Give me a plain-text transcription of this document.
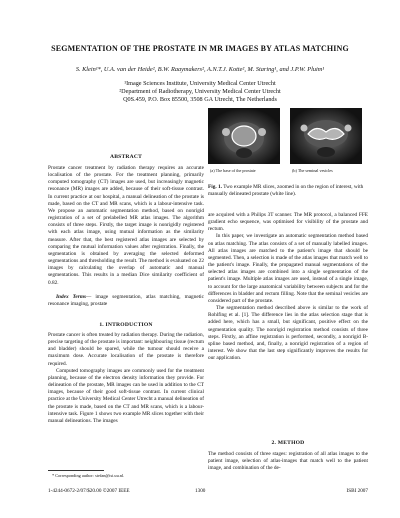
SEGMENTATION OF THE PROSTATE IN MR IMAGES BY ATLAS MATCHING
S. Klein¹*, U.A. van der Heide², B.W. Raaymakers², A.N.T.J. Kotte², M. Staring¹, and J.P.W. Pluim¹
¹Image Sciences Institute, University Medical Center Utrecht
²Department of Radiotherapy, University Medical Center Utrecht
Q0S.459, P.O. Box 85500, 3508 GA Utrecht, The Netherlands
ABSTRACT

Prostate cancer treatment by radiation therapy requires an accurate localisation of the prostate. For the treatment planning, primarily computed tomography (CT) images are used, but increasingly magnetic resonance (MR) images are added, because of their soft-tissue contrast. In current practice at our hospital, a manual delineation of the prostate is made, based on the CT and MR scans, which is a labour-intensive task. We propose an automatic segmentation method, based on nonrigid registration of a set of prelabelled MR atlas images. The algorithm consists of three steps. Firstly, the target image is nonrigidly registered with each atlas image, using mutual information as the similarity measure. After that, the best registered atlas images are selected by comparing the mutual information values after registration. Finally, the segmentation is obtained by averaging the selected deformed segmentations and thresholding the result. The method is evaluated on 22 images by calculating the overlap of automatic and manual segmentations. This results in a median Dice similarity coefficient of 0.82.

Index Terms— image segmentation, atlas matching, magnetic resonance imaging, prostate

1. INTRODUCTION

Prostate cancer is often treated by radiation therapy. During the radiation, precise targeting of the prostate is important: neighbouring tissue (rectum and bladder) should be spared, while the tumour should receive a maximum dose. Accurate localisation of the prostate is therefore required.

Computed tomography images are commonly used for the treatment planning, because of the electron density information they provide. For delineation of the prostate, MR images can be used in addition to the CT images, because of their good soft-tissue contrast. In current clinical practice at the University Medical Center Utrecht a manual delineation of the prostate is made, based on the CT and MR scans, which is a labour-intensive task. Figure 1 shows two example MR slices together with their manual delineations. The images

* Corresponding author: stefan@isi.uu.nl.
(a) The base of the prostate	(b) The seminal vesicles
Fig. 1. Two example MR slices, zoomed in on the region of interest, with manually delineated prostate (white line).

are acquired with a Philips 3T scanner. The MR protocol, a balanced FFE gradient echo sequence, was optimised for visibility of the prostate and rectum.

In this paper, we investigate an automatic segmentation method based on atlas matching. The atlas consists of a set of manually labelled images. All atlas images are matched to the patient's image that should be segmented. Then, a selection is made of the atlas images that match well to the patient's image. Finally, the propagated manual segmentations of the selected atlas images are combined into a single segmentation of the patient's image. Multiple atlas images are used, instead of a single image, to account for the large anatomical variability between subjects and for the differences in bladder and rectum filling. Note that the seminal vesicles are considered part of the prostate.

The segmentation method described above is similar to the work of Rohlfing et al. [1]. The difference lies in the atlas selection stage that is added here, which has a small, but significant, positive effect on the segmentation quality. The nonrigid registration method consists of three steps. Firstly, an affine registration is performed, secondly, a nonrigid B-spline based method, and, finally, a nonrigid registration of a region of interest. We show that the last step significantly improves the results for our application.

2. METHOD

The method consists of three stages: registration of all atlas images to the patient image, selection of atlas-images that match well to the patient image, and combination of the de-

1-4244-0672-2/07/$20.00 ©2007 IEEE	1300	ISBI 2007
